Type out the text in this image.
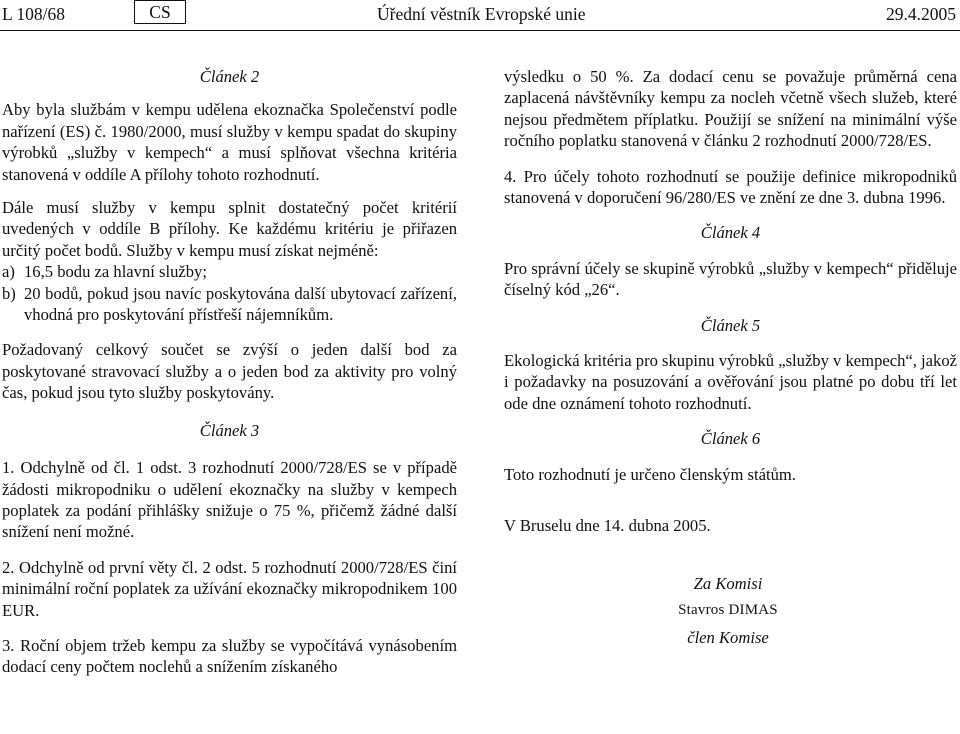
L 108/68	CS	Úřední věstník Evropské unie	29.4.2005

Článek 2

Aby byla službám v kempu udělena ekoznačka Společenství podle nařízení (ES) č. 1980/2000, musí služby v kempu spadat do skupiny výrobků „služby v kempech“ a musí splňovat všechna kritéria stanovená v oddíle A přílohy tohoto rozhodnutí.

Dále musí služby v kempu splnit dostatečný počet kritérií uvedených v oddíle B přílohy. Ke každému kritériu je přiřazen určitý počet bodů. Služby v kempu musí získat nejméně:

a) 16,5 bodu za hlavní služby;
b) 20 bodů, pokud jsou navíc poskytována další ubytovací zařízení, vhodná pro poskytování přístřeší nájemníkům.

Požadovaný celkový součet se zvýší o jeden další bod za poskytované stravovací služby a o jeden bod za aktivity pro volný čas, pokud jsou tyto služby poskytovány.

Článek 3

1. Odchylně od čl. 1 odst. 3 rozhodnutí 2000/728/ES se v případě žádosti mikropodniku o udělení ekoznačky na služby v kempech poplatek za podání přihlášky snižuje o 75 %, přičemž žádné další snížení není možné.

2. Odchylně od první věty čl. 2 odst. 5 rozhodnutí 2000/728/ES činí minimální roční poplatek za užívání ekoznačky mikropodnikem 100 EUR.

3. Roční objem tržeb kempu za služby se vypočítává vynásobením dodací ceny počtem noclehů a snížením získaného

výsledku o 50 %. Za dodací cenu se považuje průměrná cena zaplacená návštěvníky kempu za nocleh včetně všech služeb, které nejsou předmětem příplatku. Použijí se snížení na minimální výše ročního poplatku stanovená v článku 2 rozhodnutí 2000/728/ES.

4. Pro účely tohoto rozhodnutí se použije definice mikropodniků stanovená v doporučení 96/280/ES ve znění ze dne 3. dubna 1996.

Článek 4

Pro správní účely se skupině výrobků „služby v kempech“ přiděluje číselný kód „26“.

Článek 5

Ekologická kritéria pro skupinu výrobků „služby v kempech“, jakož i požadavky na posuzování a ověřování jsou platné po dobu tří let ode dne oznámení tohoto rozhodnutí.

Článek 6

Toto rozhodnutí je určeno členským státům.

V Bruselu dne 14. dubna 2005.

Za Komisi

Stavros DIMAS

člen Komise
